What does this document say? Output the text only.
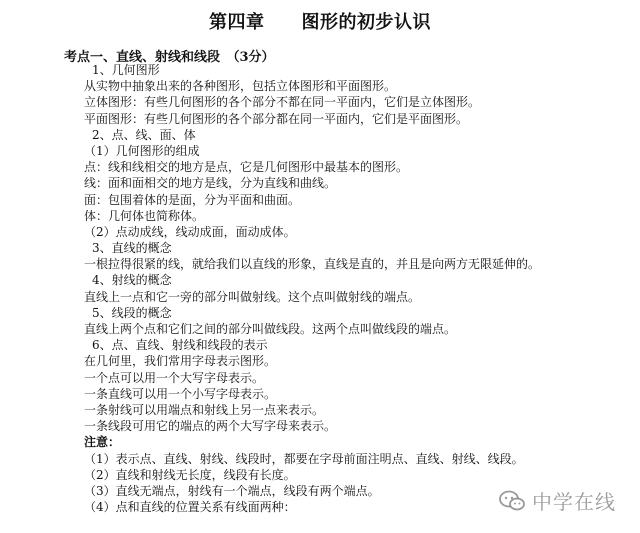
第四章　　图形的初步认识
考点一、直线、射线和线段　（3分）
1、几何图形
从实物中抽象出来的各种图形，包括立体图形和平面图形。
立体图形：有些几何图形的各个部分不都在同一平面内，它们是立体图形。
平面图形：有些几何图形的各个部分都在同一平面内，它们是平面图形。
2、点、线、面、体
（1）几何图形的组成
点：线和线相交的地方是点，它是几何图形中最基本的图形。
线：面和面相交的地方是线，分为直线和曲线。
面：包围着体的是面，分为平面和曲面。
体：几何体也简称体。
（2）点动成线，线动成面，面动成体。
3、直线的概念
一根拉得很紧的线，就给我们以直线的形象，直线是直的，并且是向两方无限延伸的。
4、射线的概念
直线上一点和它一旁的部分叫做射线。这个点叫做射线的端点。
5、线段的概念
直线上两个点和它们之间的部分叫做线段。这两个点叫做线段的端点。
6、点、直线、射线和线段的表示
在几何里，我们常用字母表示图形。
一个点可以用一个大写字母表示。
一条直线可以用一个小写字母表示。
一条射线可以用端点和射线上另一点来表示。
一条线段可用它的端点的两个大写字母来表示。
注意：
（1）表示点、直线、射线、线段时，都要在字母前面注明点、直线、射线、线段。
（2）直线和射线无长度，线段有长度。
（3）直线无端点，射线有一个端点，线段有两个端点。
（4）点和直线的位置关系有线面两种：	中学在线
